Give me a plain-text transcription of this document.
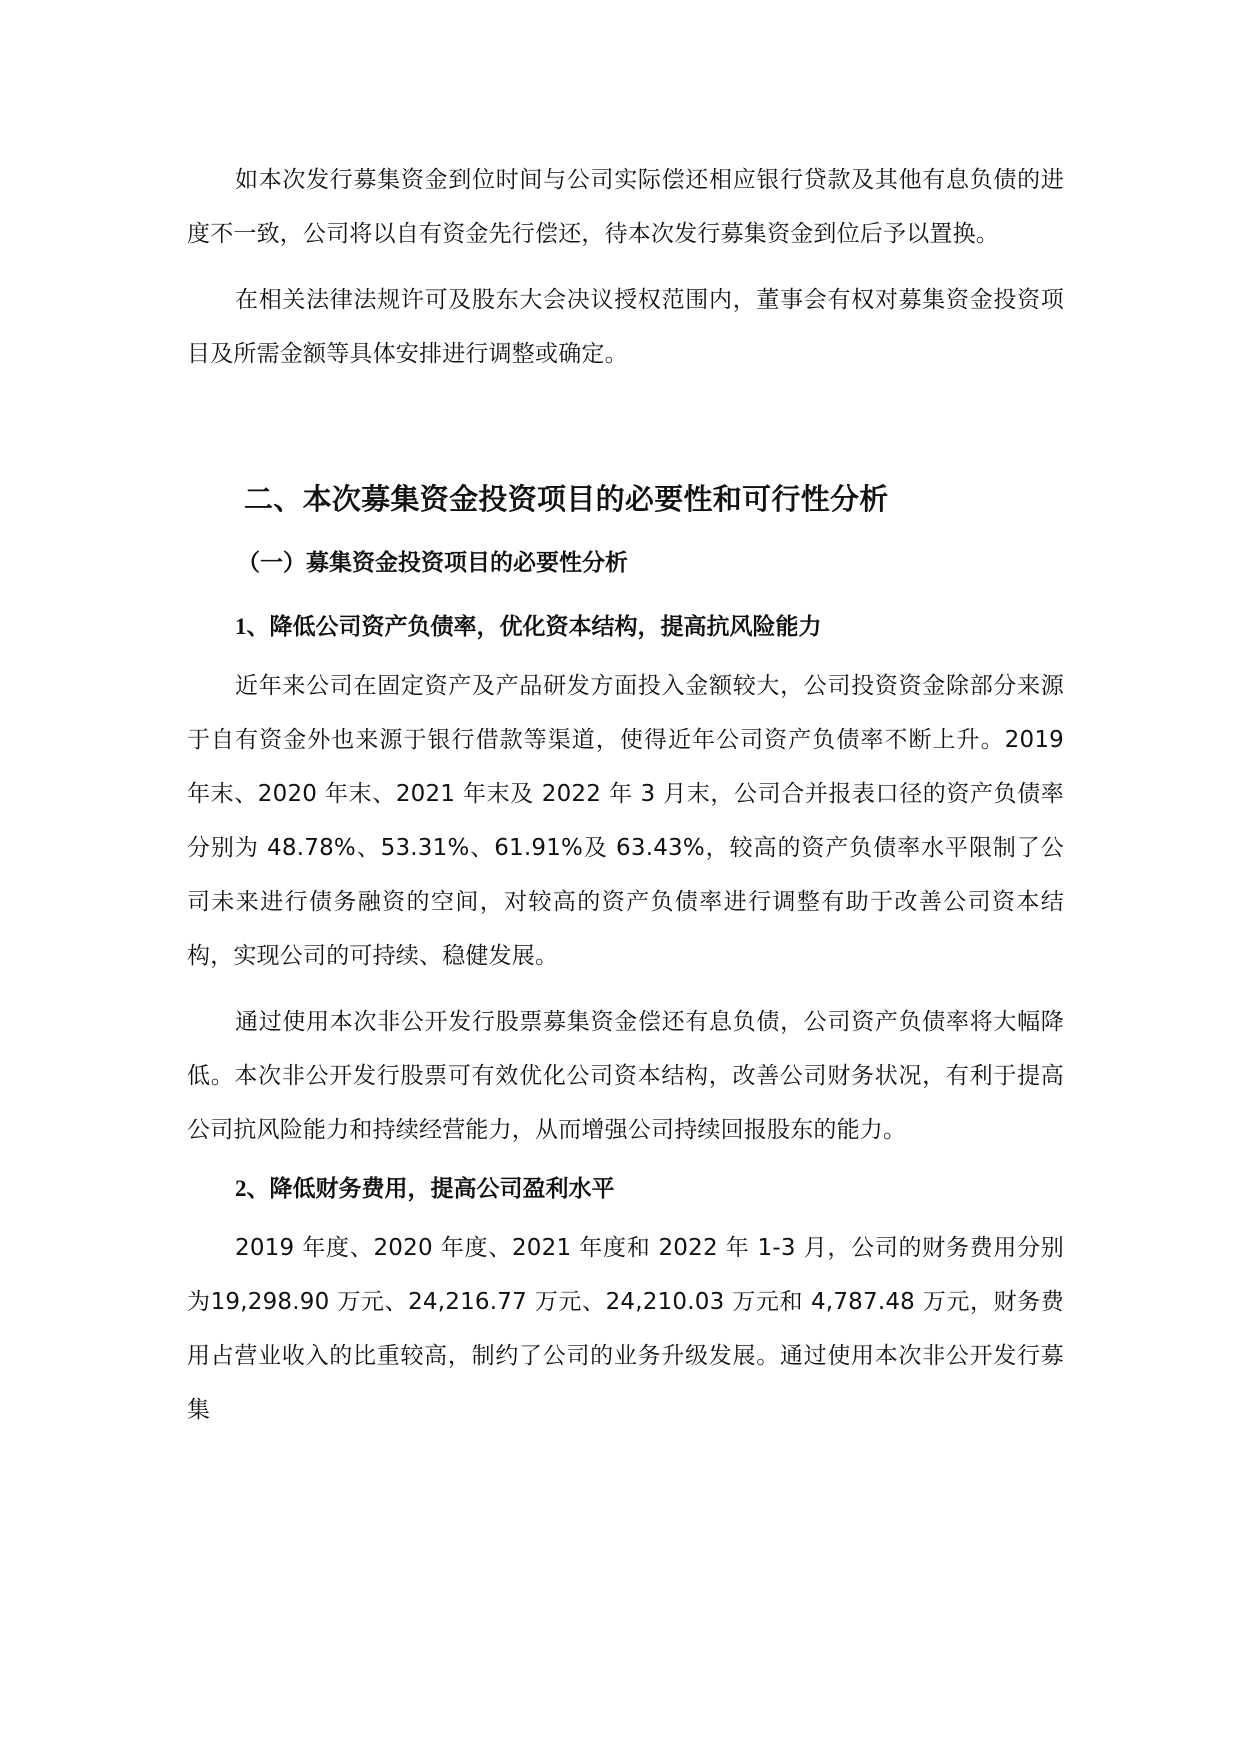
如本次发行募集资金到位时间与公司实际偿还相应银行贷款及其他有息负债的进度不一致，公司将以自有资金先行偿还，待本次发行募集资金到位后予以置换。

在相关法律法规许可及股东大会决议授权范围内，董事会有权对募集资金投资项目及所需金额等具体安排进行调整或确定。

二、本次募集资金投资项目的必要性和可行性分析
（一）募集资金投资项目的必要性分析
1、降低公司资产负债率，优化资本结构，提高抗风险能力

近年来公司在固定资产及产品研发方面投入金额较大，公司投资资金除部分来源于自有资金外也来源于银行借款等渠道，使得近年公司资产负债率不断上升。2019 年末、2020 年末、2021 年末及 2022 年 3 月末，公司合并报表口径的资产负债率分别为 48.78%、53.31%、61.91%及 63.43%，较高的资产负债率水平限制了公司未来进行债务融资的空间，对较高的资产负债率进行调整有助于改善公司资本结构，实现公司的可持续、稳健发展。

通过使用本次非公开发行股票募集资金偿还有息负债，公司资产负债率将大幅降低。本次非公开发行股票可有效优化公司资本结构，改善公司财务状况，有利于提高公司抗风险能力和持续经营能力，从而增强公司持续回报股东的能力。

2、降低财务费用，提高公司盈利水平

2019 年度、2020 年度、2021 年度和 2022 年 1-3 月，公司的财务费用分别为19,298.90 万元、24,216.77 万元、24,210.03 万元和 4,787.48 万元，财务费用占营业收入的比重较高，制约了公司的业务升级发展。通过使用本次非公开发行募集
